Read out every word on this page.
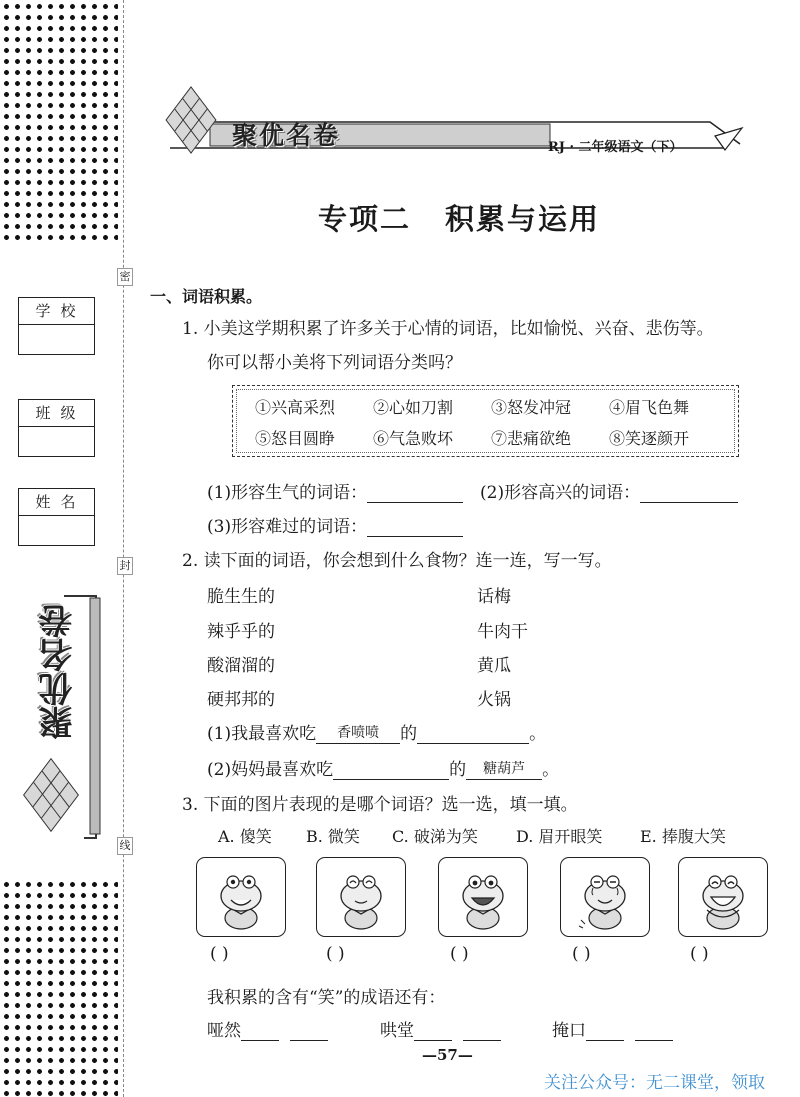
密
封
线
学校
班级
姓名
聚优名卷
聚优名卷	RJ · 二年级语文（下）
专项二 积累与运用
一、词语积累。
1. 小美这学期积累了许多关于心情的词语，比如愉悦、兴奋、悲伤等。
你可以帮小美将下列词语分类吗？
①兴高采烈 ②心如刀割 ③怒发冲冠 ④眉飞色舞
⑤怒目圆睁 ⑥气急败坏 ⑦悲痛欲绝 ⑧笑逐颜开
(1)形容生气的词语：	(2)形容高兴的词语：
(3)形容难过的词语：
2. 读下面的词语，你会想到什么食物？连一连，写一写。
脆生生的
辣乎乎的
酸溜溜的
硬邦邦的
话梅
牛肉干
黄瓜
火锅
(1)我最喜欢吃 香喷喷 的	。
(2)妈妈最喜欢吃	的 糖葫芦 。
3. 下面的图片表现的是哪个词语？选一选，填一填。
A. 傻笑 B. 微笑 C. 破涕为笑 D. 眉开眼笑 E. 捧腹大笑
( )	( )	( )	( )	( )
我积累的含有“笑”的成语还有：
哑然	哄堂	掩口
—57—
关注公众号：无二课堂，领取
